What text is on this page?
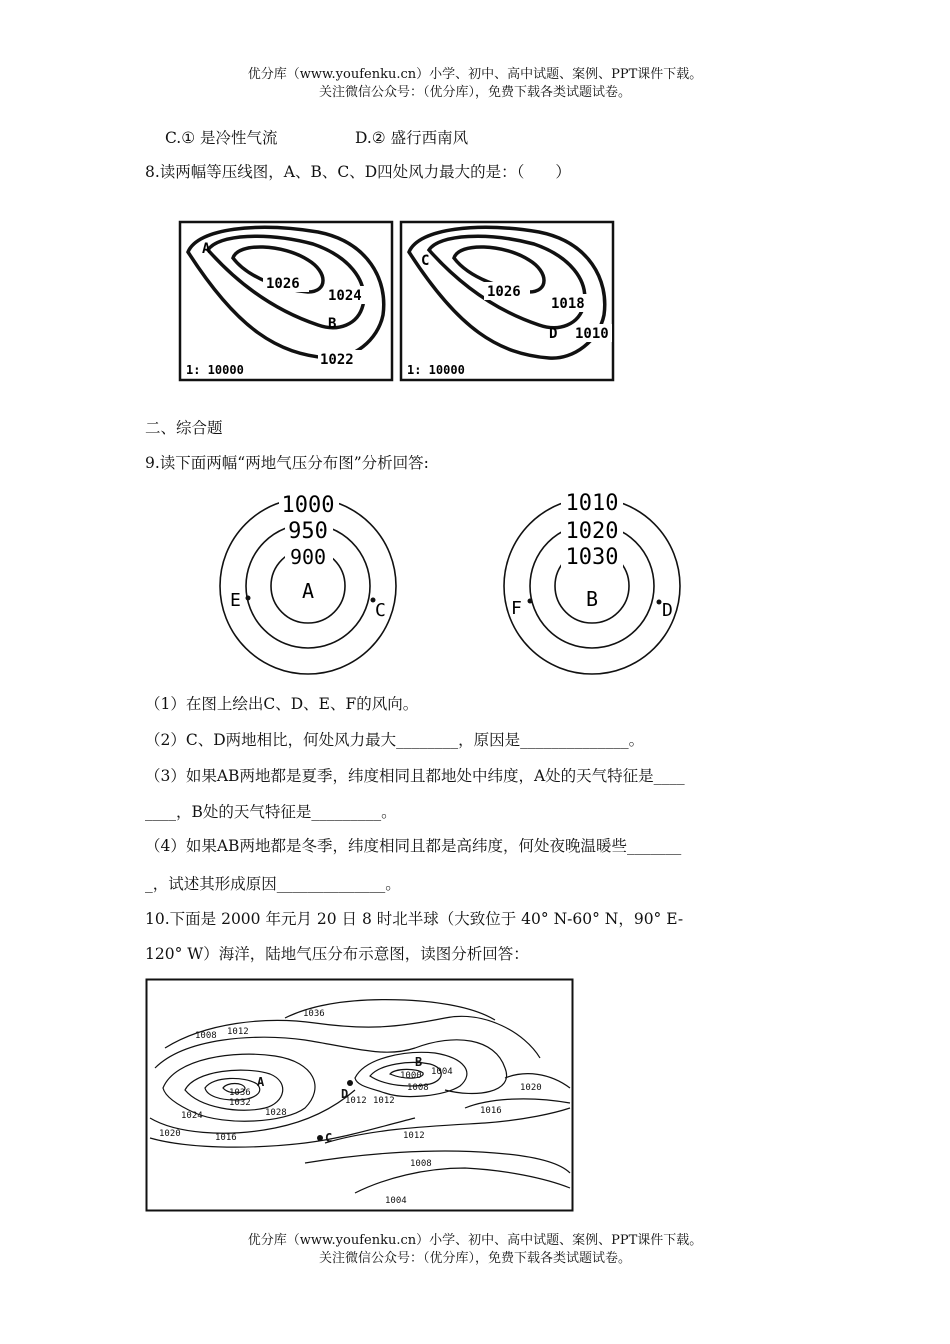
优分库（www.youfenku.cn）小学、初中、高中试题、案例、PPT课件下载。
关注微信公众号：（优分库），免费下载各类试题试卷。
C.① 是冷性气流	D.② 盛行西南风
8.读两幅等压线图，A、B、C、D四处风力最大的是：（　　）
A
1026
1024
B
1022
1: 10000
C
1026
1018
D 1010
1: 10000
二、综合题
9.读下面两幅“两地气压分布图”分析回答:
1000
950
900
A
E	C
1010
1020
1030
B
F	D
（1）在图上绘出C、D、E、F的风向。
（2）C、D两地相比，何处风力最大________，原因是______________。
（3）如果AB两地都是夏季，纬度相同且都地处中纬度，A处的天气特征是____
____，B处的天气特征是_________。
（4）如果AB两地都是冬季，纬度相同且都是高纬度，何处夜晚温暖些_______
_，试述其形成原因______________。
10.下面是 2000 年元月 20 日 8 时北半球（大致位于 40° N-60° N，90° E-
120° W）海洋，陆地气压分布示意图，读图分析回答：
1036
1008 1012
1036
1032
1028
1024
1020	1016
1012
1000 1004
1008
1012
1016
1020
1012
1008
1004
A
B
D
C
优分库（www.youfenku.cn）小学、初中、高中试题、案例、PPT课件下载。
关注微信公众号：（优分库），免费下载各类试题试卷。
